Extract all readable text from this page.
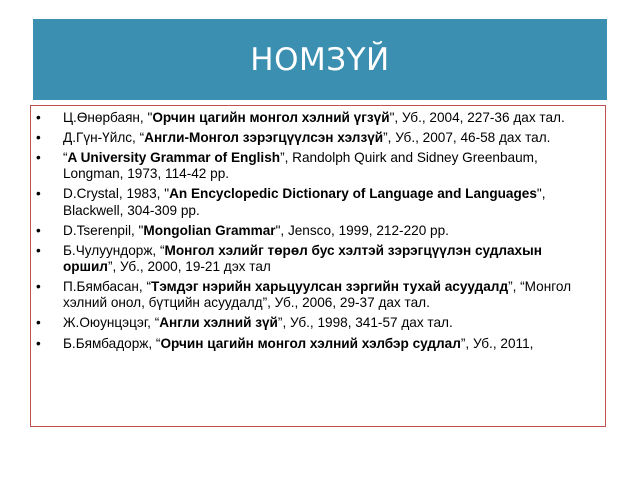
НОМЗҮЙ
• Ц.Өнөрбаян, "Орчин цагийн монгол хэлний үгзүй", Уб., 2004, 227-36 дах тал.
• Д.Гүн-Үйлс, “Англи-Монгол зэрэгцүүлсэн хэлзүй”, Уб., 2007, 46-58 дах тал.
• “A University Grammar of English”, Randolph Quirk and Sidney Greenbaum, Longman, 1973, 114-42 pp.
• D.Crystal, 1983, "An Encyclopedic Dictionary of Language and Languages", Blackwell, 304-309 pp.
• D.Tserenpil, "Mongolian Grammar", Jensco, 1999, 212-220 pp.
• Б.Чулуундорж, “Монгол хэлийг төрөл бус хэлтэй зэрэгцүүлэн судлахын оршил”, Уб., 2000, 19-21 дэх тал
• П.Бямбасан, “Тэмдэг нэрийн харьцуулсан зэргийн тухай асуудалд”, “Монгол хэлний онол, бүтцийн асуудалд”, Уб., 2006, 29-37 дах тал.
• Ж.Оюунцэцэг, “Англи хэлний зүй”, Уб., 1998, 341-57 дах тал.
• Б.Бямбадорж, “Орчин цагийн монгол хэлний хэлбэр судлал”, Уб., 2011,
